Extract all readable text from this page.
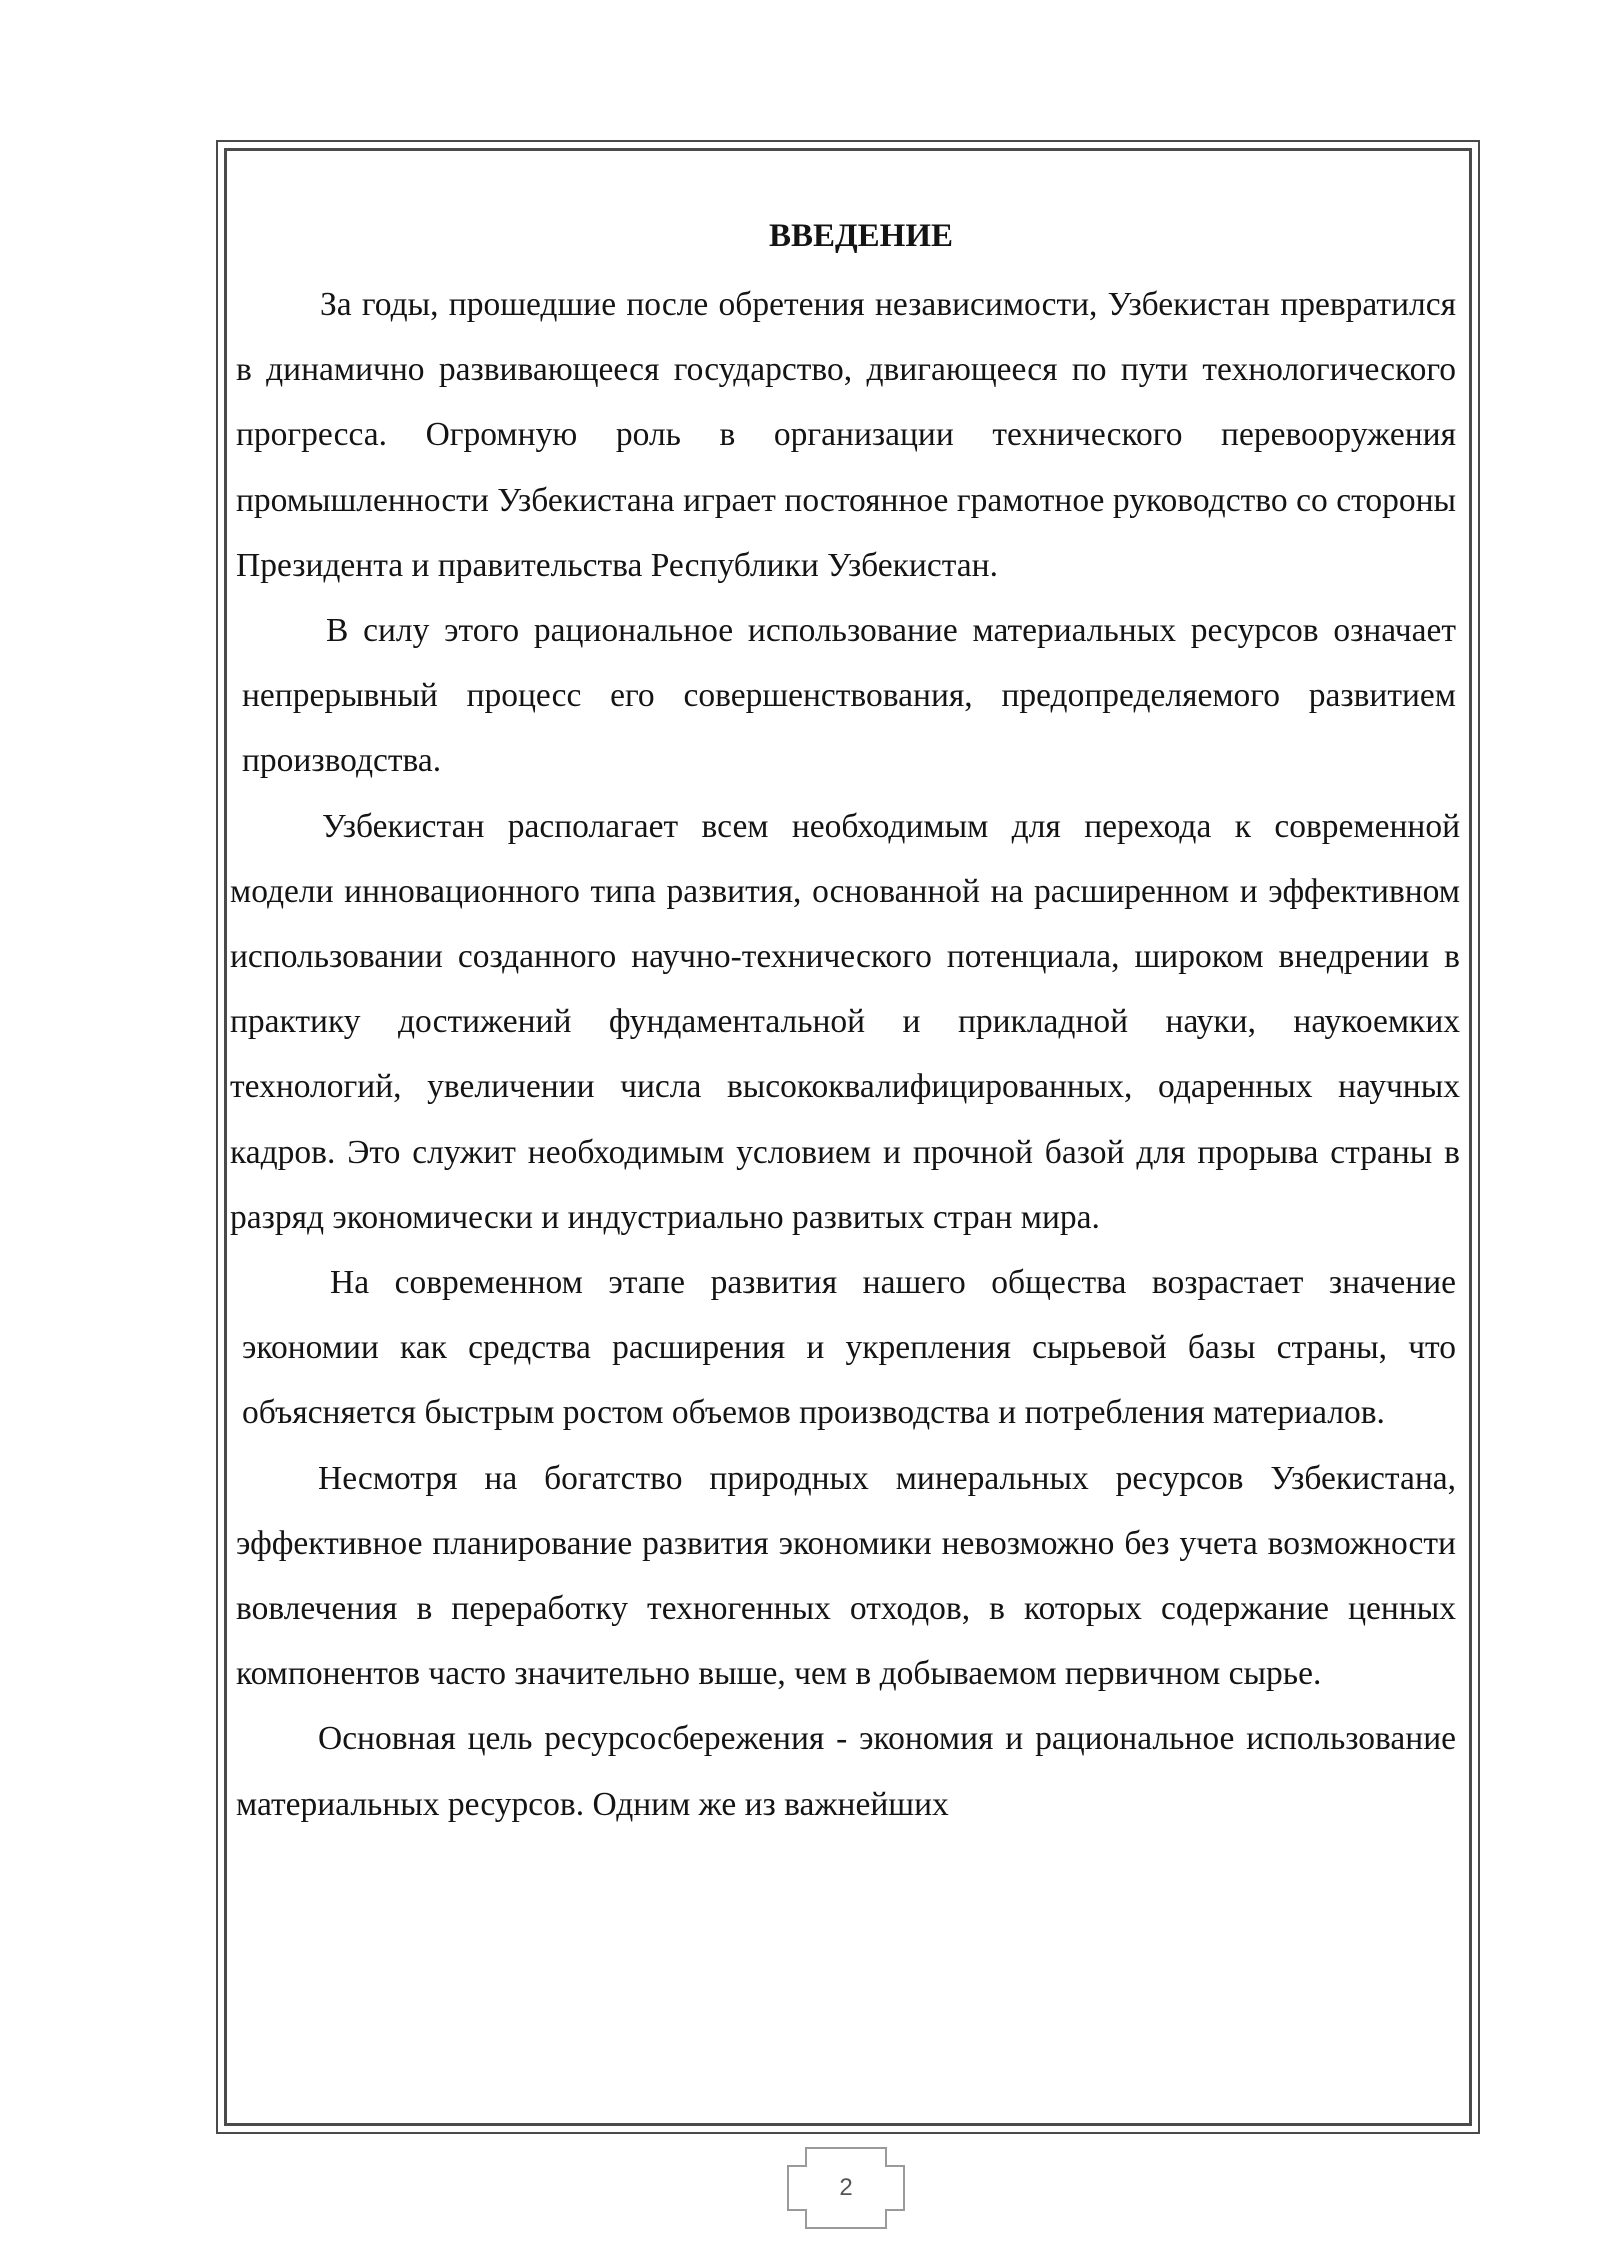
ВВЕДЕНИЕ

За годы, прошедшие после обретения независимости, Узбекистан превратился в динамично развивающееся государство, двигающееся по пути технологического прогресса. Огромную роль в организации технического перевооружения промышленности Узбекистана играет постоянное грамотное руководство со стороны Президента и правительства Республики Узбекистан.

В силу этого рациональное использование материальных ресурсов означает непрерывный процесс его совершенствования, предопределяемого развитием производства.

Узбекистан располагает всем необходимым для перехода к современной модели инновационного типа развития, основанной на расширенном и эффективном использовании созданного научно-технического потенциала, широком внедрении в практику достижений фундаментальной и прикладной науки, наукоемких технологий, увеличении числа высококвалифицированных, одаренных научных кадров. Это служит необходимым условием и прочной базой для прорыва страны в разряд экономически и индустриально развитых стран мира.

На современном этапе развития нашего общества возрастает значение экономии как средства расширения и укрепления сырьевой базы страны, что объясняется быстрым ростом объемов производства и потребления материалов.

Несмотря на богатство природных минеральных ресурсов Узбекистана, эффективное планирование развития экономики невозможно без учета возможности вовлечения в переработку техногенных отходов, в которых содержание ценных компонентов часто значительно выше, чем в добываемом первичном сырье.

Основная цель ресурсосбережения - экономия и рациональное использование материальных ресурсов. Одним же из важнейших

2
